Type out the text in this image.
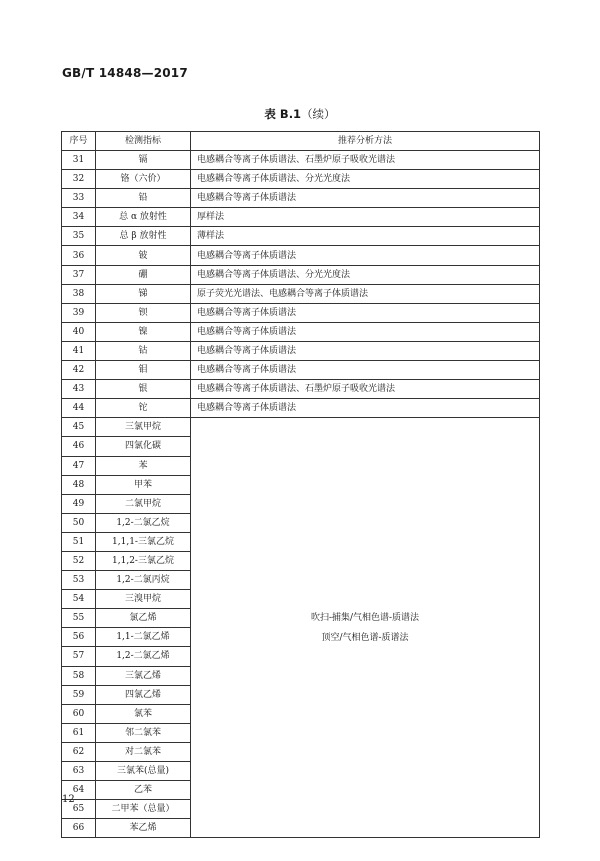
GB/T 14848—2017
表 B.1（续）
序号	检测指标	推荐分析方法
31	镉	电感耦合等离子体质谱法、石墨炉原子吸收光谱法
32	铬（六价）	电感耦合等离子体质谱法、分光光度法
33	铅	电感耦合等离子体质谱法
34	总 α 放射性	厚样法
35	总 β 放射性	薄样法
36	铍	电感耦合等离子体质谱法
37	硼	电感耦合等离子体质谱法、分光光度法
38	锑	原子荧光光谱法、电感耦合等离子体质谱法
39	钡	电感耦合等离子体质谱法
40	镍	电感耦合等离子体质谱法
41	钴	电感耦合等离子体质谱法
42	钼	电感耦合等离子体质谱法
43	银	电感耦合等离子体质谱法、石墨炉原子吸收光谱法
44	铊	电感耦合等离子体质谱法
45	三氯甲烷	吹扫-捕集/气相色谱-质谱法
顶空/气相色谱-质谱法

46	四氯化碳	
47	苯	
48	甲苯	
49	二氯甲烷	
50	1,2-二氯乙烷	
51	1,1,1-三氯乙烷	
52	1,1,2-三氯乙烷	
53	1,2-二氯丙烷	
54	三溴甲烷	
55	氯乙烯	
56	1,1-二氯乙烯	
57	1,2-二氯乙烯	
58	三氯乙烯	
59	四氯乙烯	
60	氯苯	
61	邻二氯苯	
62	对二氯苯	
63	三氯苯(总量)	
64	乙苯	
65	二甲苯（总量）	
66	苯乙烯	
12
